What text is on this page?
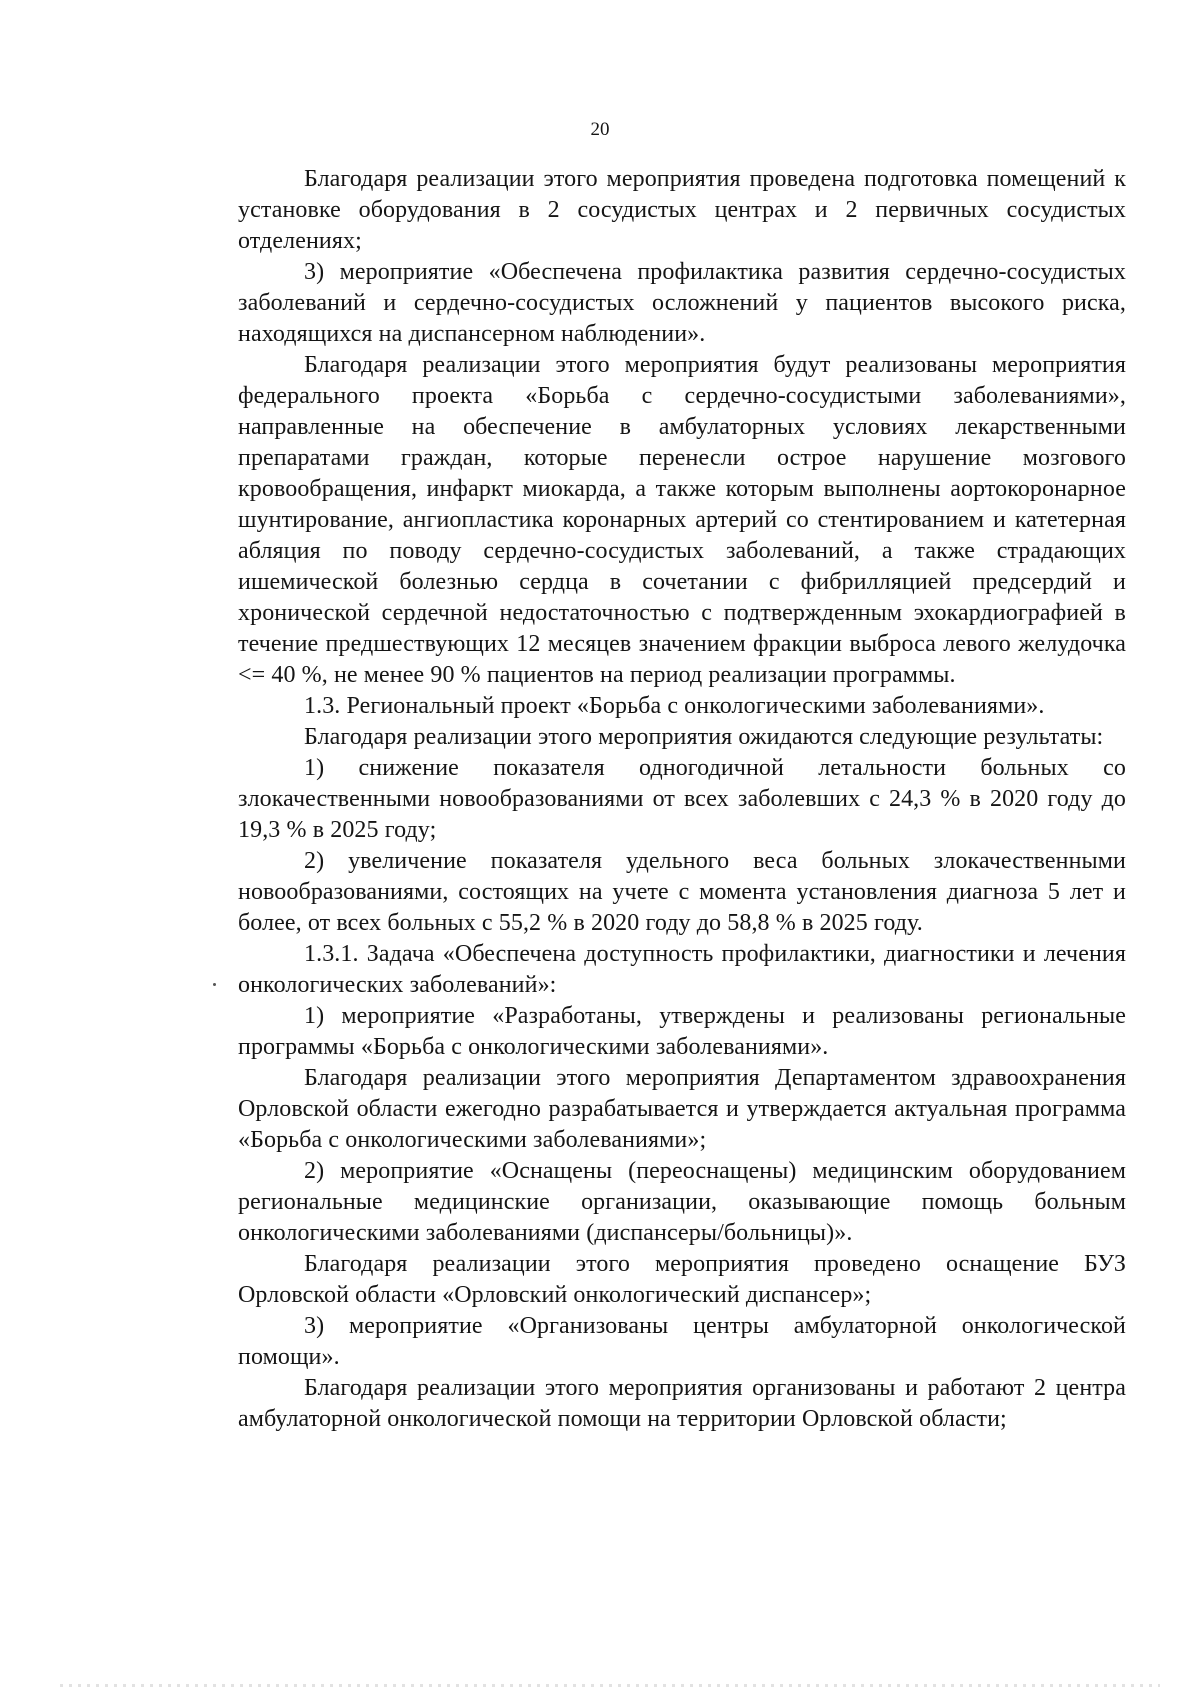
20

Благодаря реализации этого мероприятия проведена подготовка помещений к установке оборудования в 2 сосудистых центрах и 2 первичных сосудистых отделениях;

3) мероприятие «Обеспечена профилактика развития сердечно-сосудистых заболеваний и сердечно-сосудистых осложнений у пациентов высокого риска, находящихся на диспансерном наблюдении».

Благодаря реализации этого мероприятия будут реализованы мероприятия федерального проекта «Борьба с сердечно-сосудистыми заболеваниями», направленные на обеспечение в амбулаторных условиях лекарственными препаратами граждан, которые перенесли острое нарушение мозгового кровообращения, инфаркт миокарда, а также которым выполнены аортокоронарное шунтирование, ангиопластика коронарных артерий со стентированием и катетерная абляция по поводу сердечно-сосудистых заболеваний, а также страдающих ишемической болезнью сердца в сочетании с фибрилляцией предсердий и хронической сердечной недостаточностью с подтвержденным эхокардиографией в течение предшествующих 12 месяцев значением фракции выброса левого желудочка <= 40 %, не менее 90 % пациентов на период реализации программы.

1.3. Региональный проект «Борьба с онкологическими заболеваниями».

Благодаря реализации этого мероприятия ожидаются следующие результаты:

1) снижение показателя одногодичной летальности больных со злокачественными новообразованиями от всех заболевших с 24,3 % в 2020 году до 19,3 % в 2025 году;

2) увеличение показателя удельного веса больных злокачественными новообразованиями, состоящих на учете с момента установления диагноза 5 лет и более, от всех больных с 55,2 % в 2020 году до 58,8 % в 2025 году.

1.3.1. Задача «Обеспечена доступность профилактики, диагностики и лечения онкологических заболеваний»:

1) мероприятие «Разработаны, утверждены и реализованы региональные программы «Борьба с онкологическими заболеваниями».

Благодаря реализации этого мероприятия Департаментом здравоохранения Орловской области ежегодно разрабатывается и утверждается актуальная программа «Борьба с онкологическими заболеваниями»;

2) мероприятие «Оснащены (переоснащены) медицинским оборудованием региональные медицинские организации, оказывающие помощь больным онкологическими заболеваниями (диспансеры/больницы)».

Благодаря реализации этого мероприятия проведено оснащение БУЗ Орловской области «Орловский онкологический диспансер»;

3) мероприятие «Организованы центры амбулаторной онкологической помощи».

Благодаря реализации этого мероприятия организованы и работают 2 центра амбулаторной онкологической помощи на территории Орловской области;
